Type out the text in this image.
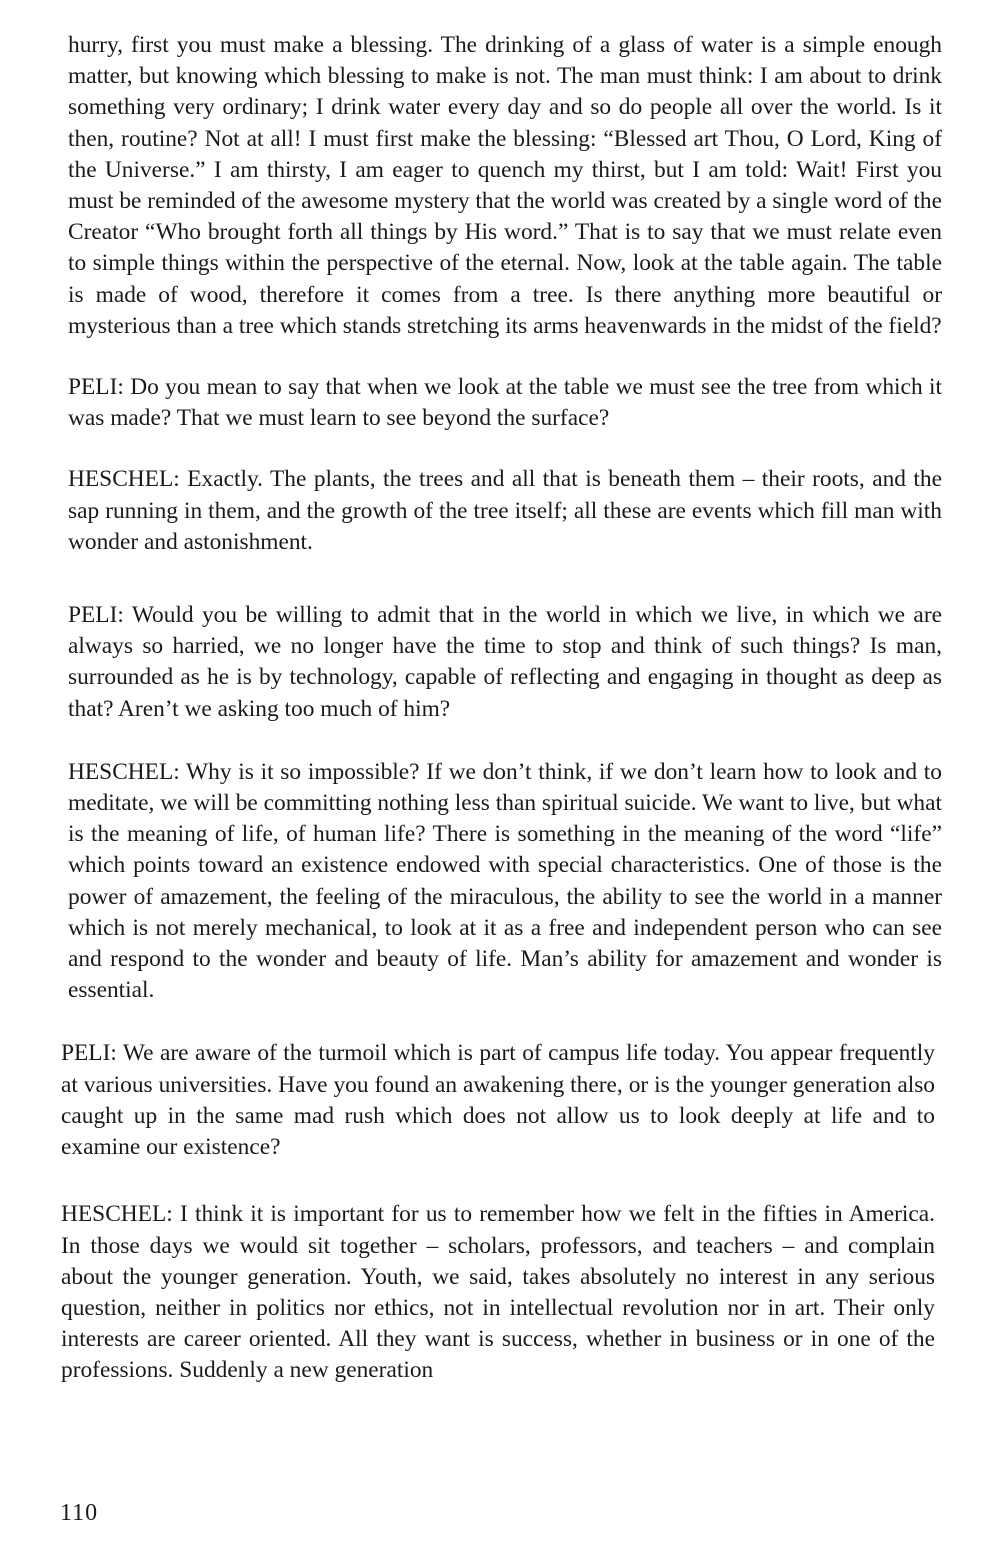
hurry, first you must make a blessing. The drinking of a glass of water is a simple enough matter, but knowing which blessing to make is not. The man must think: I am about to drink something very ordinary; I drink water every day and so do people all over the world. Is it then, routine? Not at all! I must first make the blessing: “Blessed art Thou, O Lord, King of the Universe.” I am thirsty, I am eager to quench my thirst, but I am told: Wait! First you must be reminded of the awesome mystery that the world was created by a single word of the Creator “Who brought forth all things by His word.” That is to say that we must relate even to simple things within the perspective of the eternal. Now, look at the table again. The table is made of wood, therefore it comes from a tree. Is there anything more beautiful or mysterious than a tree which stands stretching its arms heavenwards in the midst of the field?

PELI: Do you mean to say that when we look at the table we must see the tree from which it was made? That we must learn to see beyond the surface?

HESCHEL: Exactly. The plants, the trees and all that is beneath them – their roots, and the sap running in them, and the growth of the tree itself; all these are events which fill man with wonder and astonishment.

PELI: Would you be willing to admit that in the world in which we live, in which we are always so harried, we no longer have the time to stop and think of such things? Is man, surrounded as he is by technology, capable of reflecting and engaging in thought as deep as that? Aren’t we asking too much of him?

HESCHEL: Why is it so impossible? If we don’t think, if we don’t learn how to look and to meditate, we will be committing nothing less than spiritual suicide. We want to live, but what is the meaning of life, of human life? There is something in the meaning of the word “life” which points toward an existence endowed with special characteristics. One of those is the power of amazement, the feeling of the miraculous, the ability to see the world in a manner which is not merely mechanical, to look at it as a free and independent person who can see and respond to the wonder and beauty of life. Man’s ability for amazement and wonder is essential.

PELI: We are aware of the turmoil which is part of campus life today. You appear frequently at various universities. Have you found an awakening there, or is the younger generation also caught up in the same mad rush which does not allow us to look deeply at life and to examine our existence?

HESCHEL: I think it is important for us to remember how we felt in the fifties in America. In those days we would sit together – scholars, professors, and teachers – and complain about the younger generation. Youth, we said, takes absolutely no interest in any serious question, neither in politics nor ethics, not in intellectual revolution nor in art. Their only interests are career oriented. All they want is success, whether in business or in one of the professions. Suddenly a new generation

110
